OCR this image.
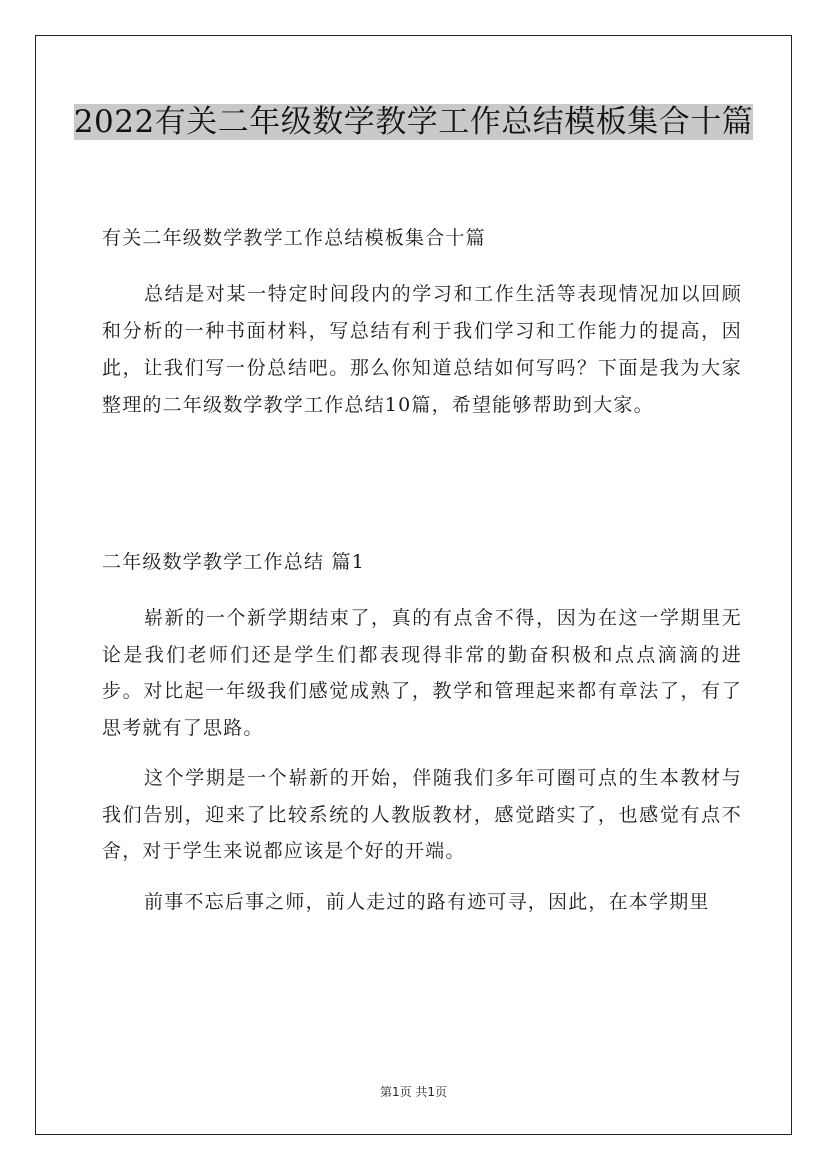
2022有关二年级数学教学工作总结模板集合十篇
有关二年级数学教学工作总结模板集合十篇
总结是对某一特定时间段内的学习和工作生活等表现情况加以回顾和分析的一种书面材料，写总结有利于我们学习和工作能力的提高，因此，让我们写一份总结吧。那么你知道总结如何写吗？下面是我为大家整理的二年级数学教学工作总结10篇，希望能够帮助到大家。
二年级数学教学工作总结 篇1

崭新的一个新学期结束了，真的有点舍不得，因为在这一学期里无论是我们老师们还是学生们都表现得非常的勤奋积极和点点滴滴的进步。对比起一年级我们感觉成熟了，教学和管理起来都有章法了，有了思考就有了思路。

这个学期是一个崭新的开始，伴随我们多年可圈可点的生本教材与我们告别，迎来了比较系统的人教版教材，感觉踏实了，也感觉有点不舍，对于学生来说都应该是个好的开端。

前事不忘后事之师，前人走过的路有迹可寻，因此，在本学期里

第1页 共1页
